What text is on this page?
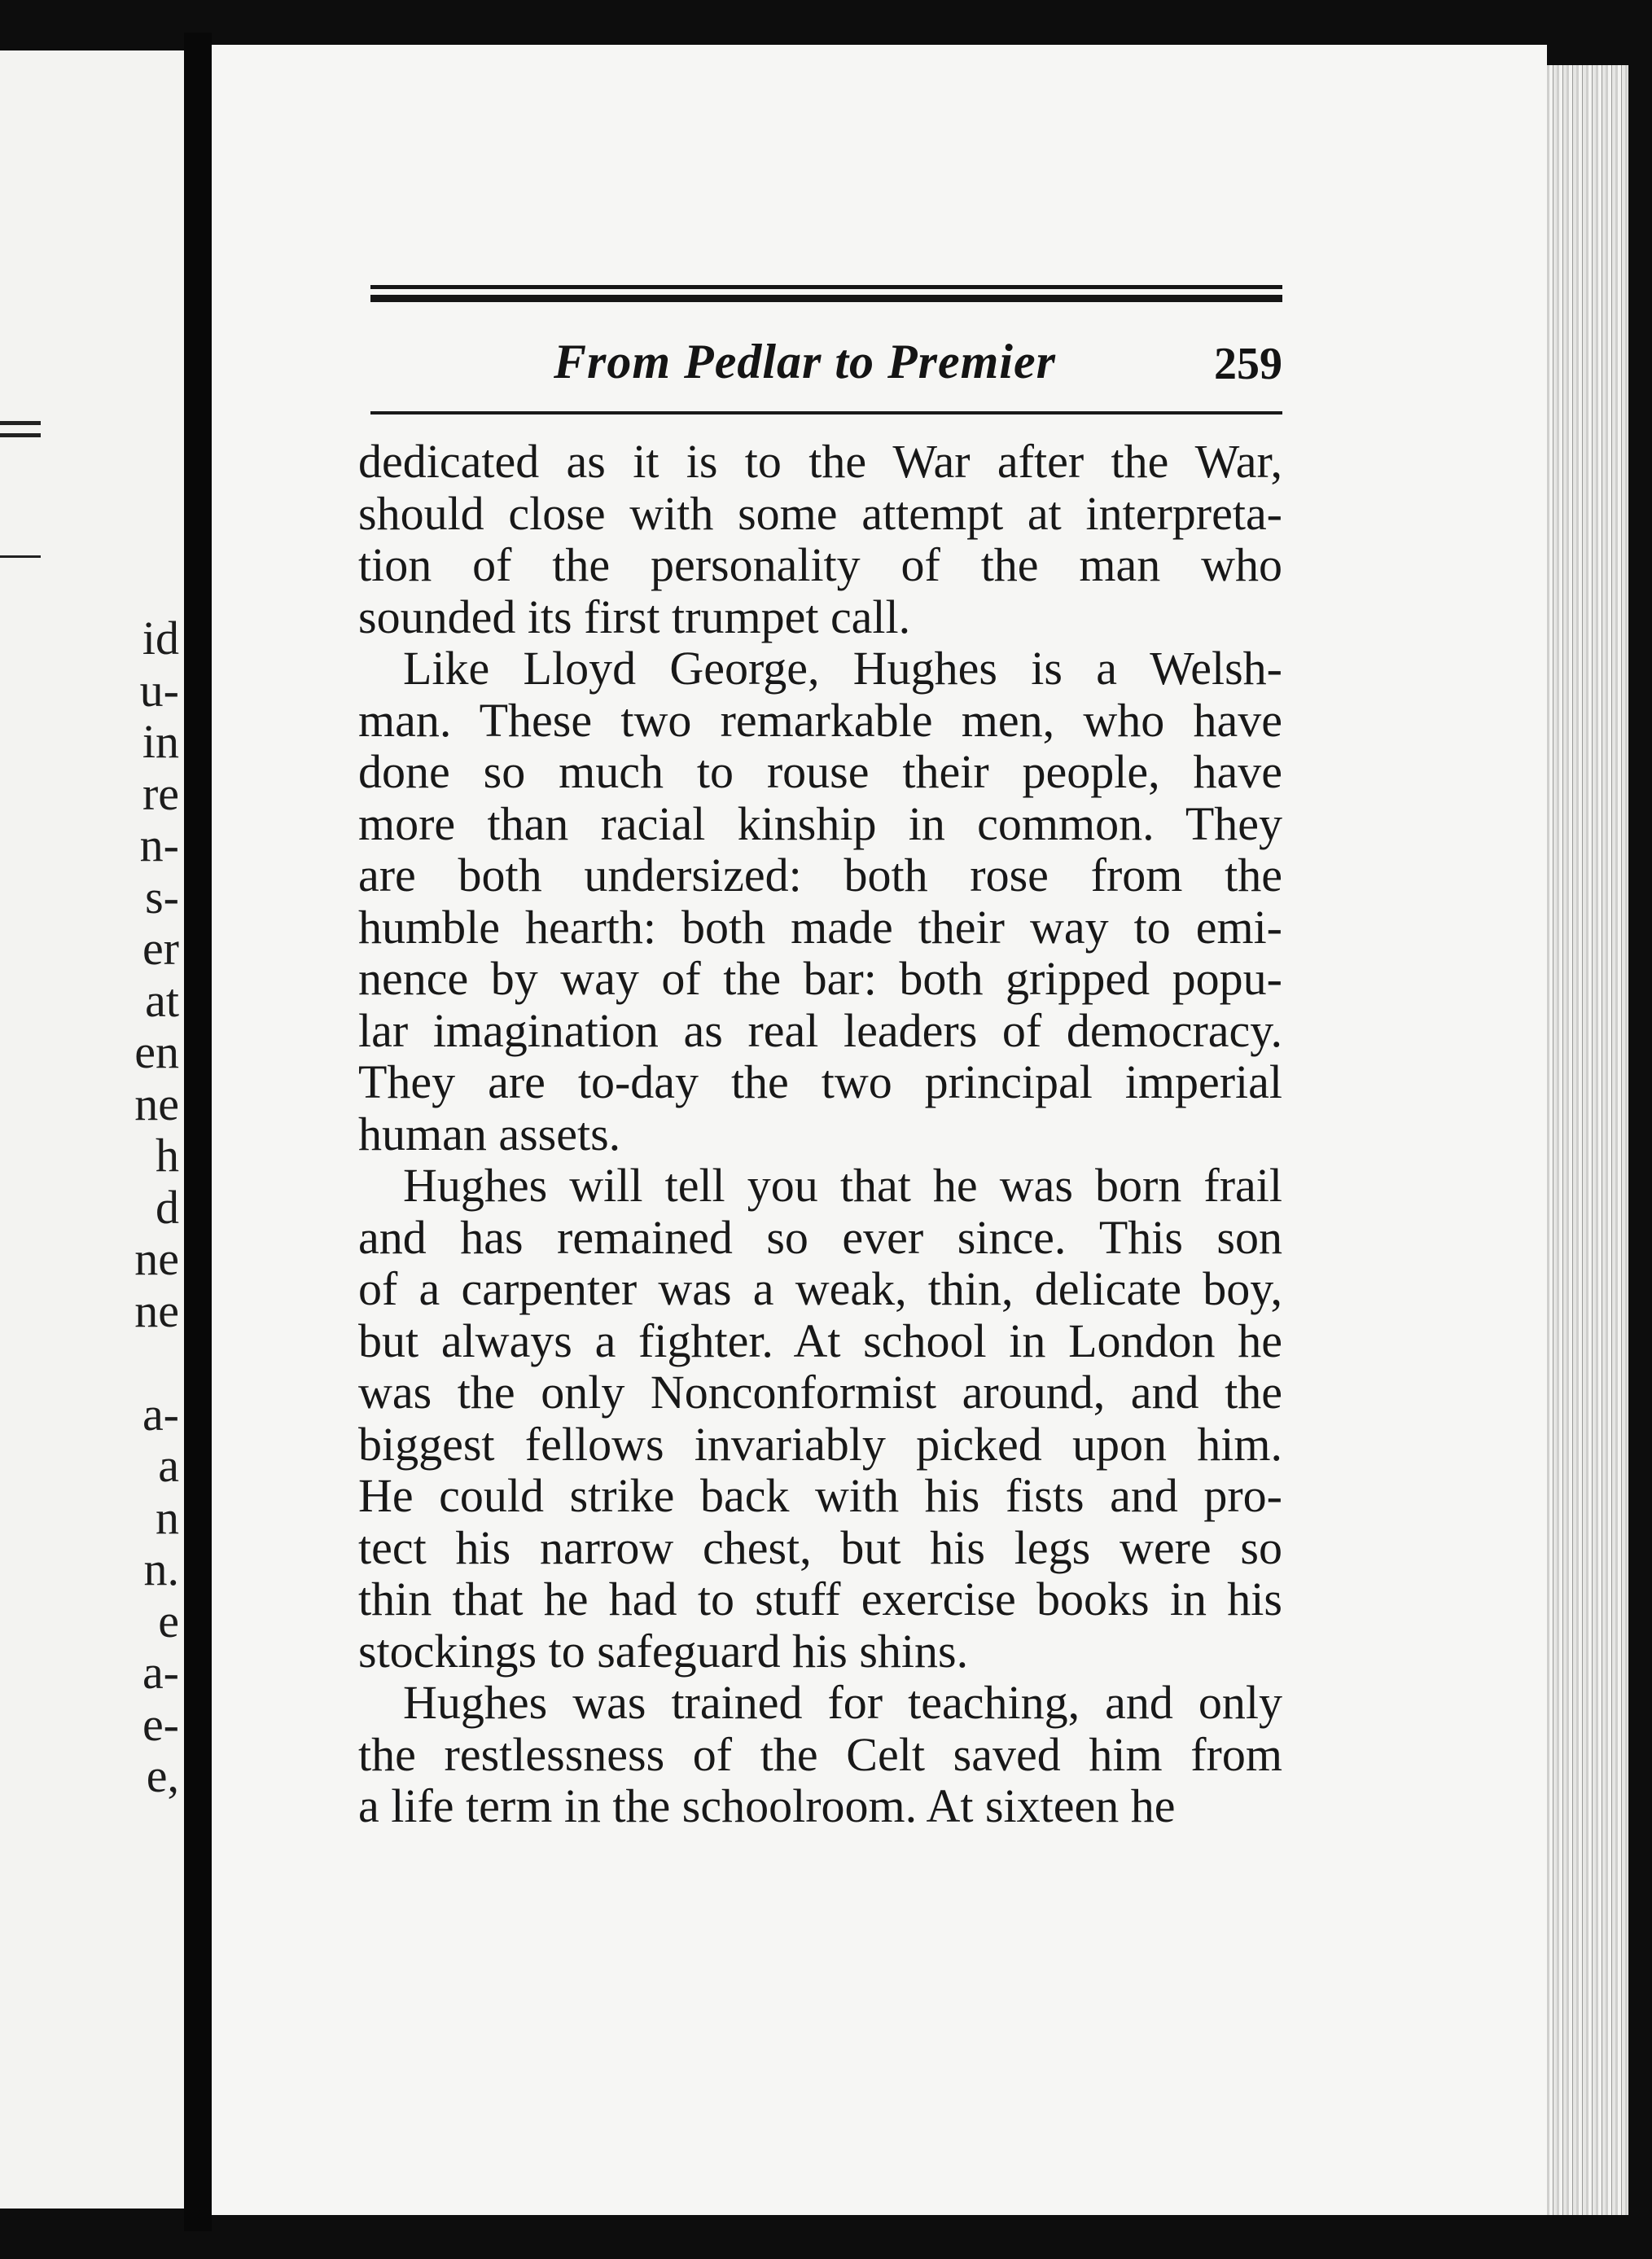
id
u-
in
re
n-
s-
er
at
en
ne
h
d
ne
ne
a-
a
n
n.
e
a-
e-
e,
From Pedlar to Premier	259
dedicated as it is to the War after the War,
should close with some attempt at interpreta-
tion of the personality of the man who
sounded its first trumpet call.
Like Lloyd George, Hughes is a Welsh-
man. These two remarkable men, who have
done so much to rouse their people, have
more than racial kinship in common. They
are both undersized: both rose from the
humble hearth: both made their way to emi-
nence by way of the bar: both gripped popu-
lar imagination as real leaders of democracy.
They are to-day the two principal imperial
human assets.
Hughes will tell you that he was born frail
and has remained so ever since. This son
of a carpenter was a weak, thin, delicate boy,
but always a fighter. At school in London he
was the only Nonconformist around, and the
biggest fellows invariably picked upon him.
He could strike back with his fists and pro-
tect his narrow chest, but his legs were so
thin that he had to stuff exercise books in his
stockings to safeguard his shins.
Hughes was trained for teaching, and only
the restlessness of the Celt saved him from
a life term in the schoolroom. At sixteen he
